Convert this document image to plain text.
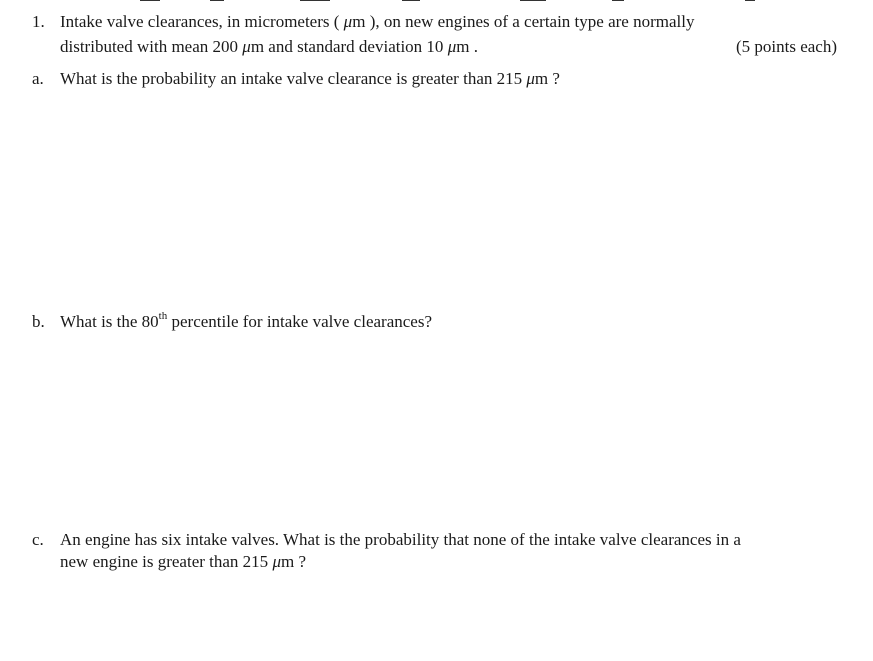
1. Intake valve clearances, in micrometers ( μm ), on new engines of a certain type are normally
distributed with mean 200 μm and standard deviation 10 μm .	(5 points each)
a. What is the probability an intake valve clearance is greater than 215 μm ?
b. What is the 80th percentile for intake valve clearances?
c. An engine has six intake valves. What is the probability that none of the intake valve clearances in a
new engine is greater than 215 μm ?
